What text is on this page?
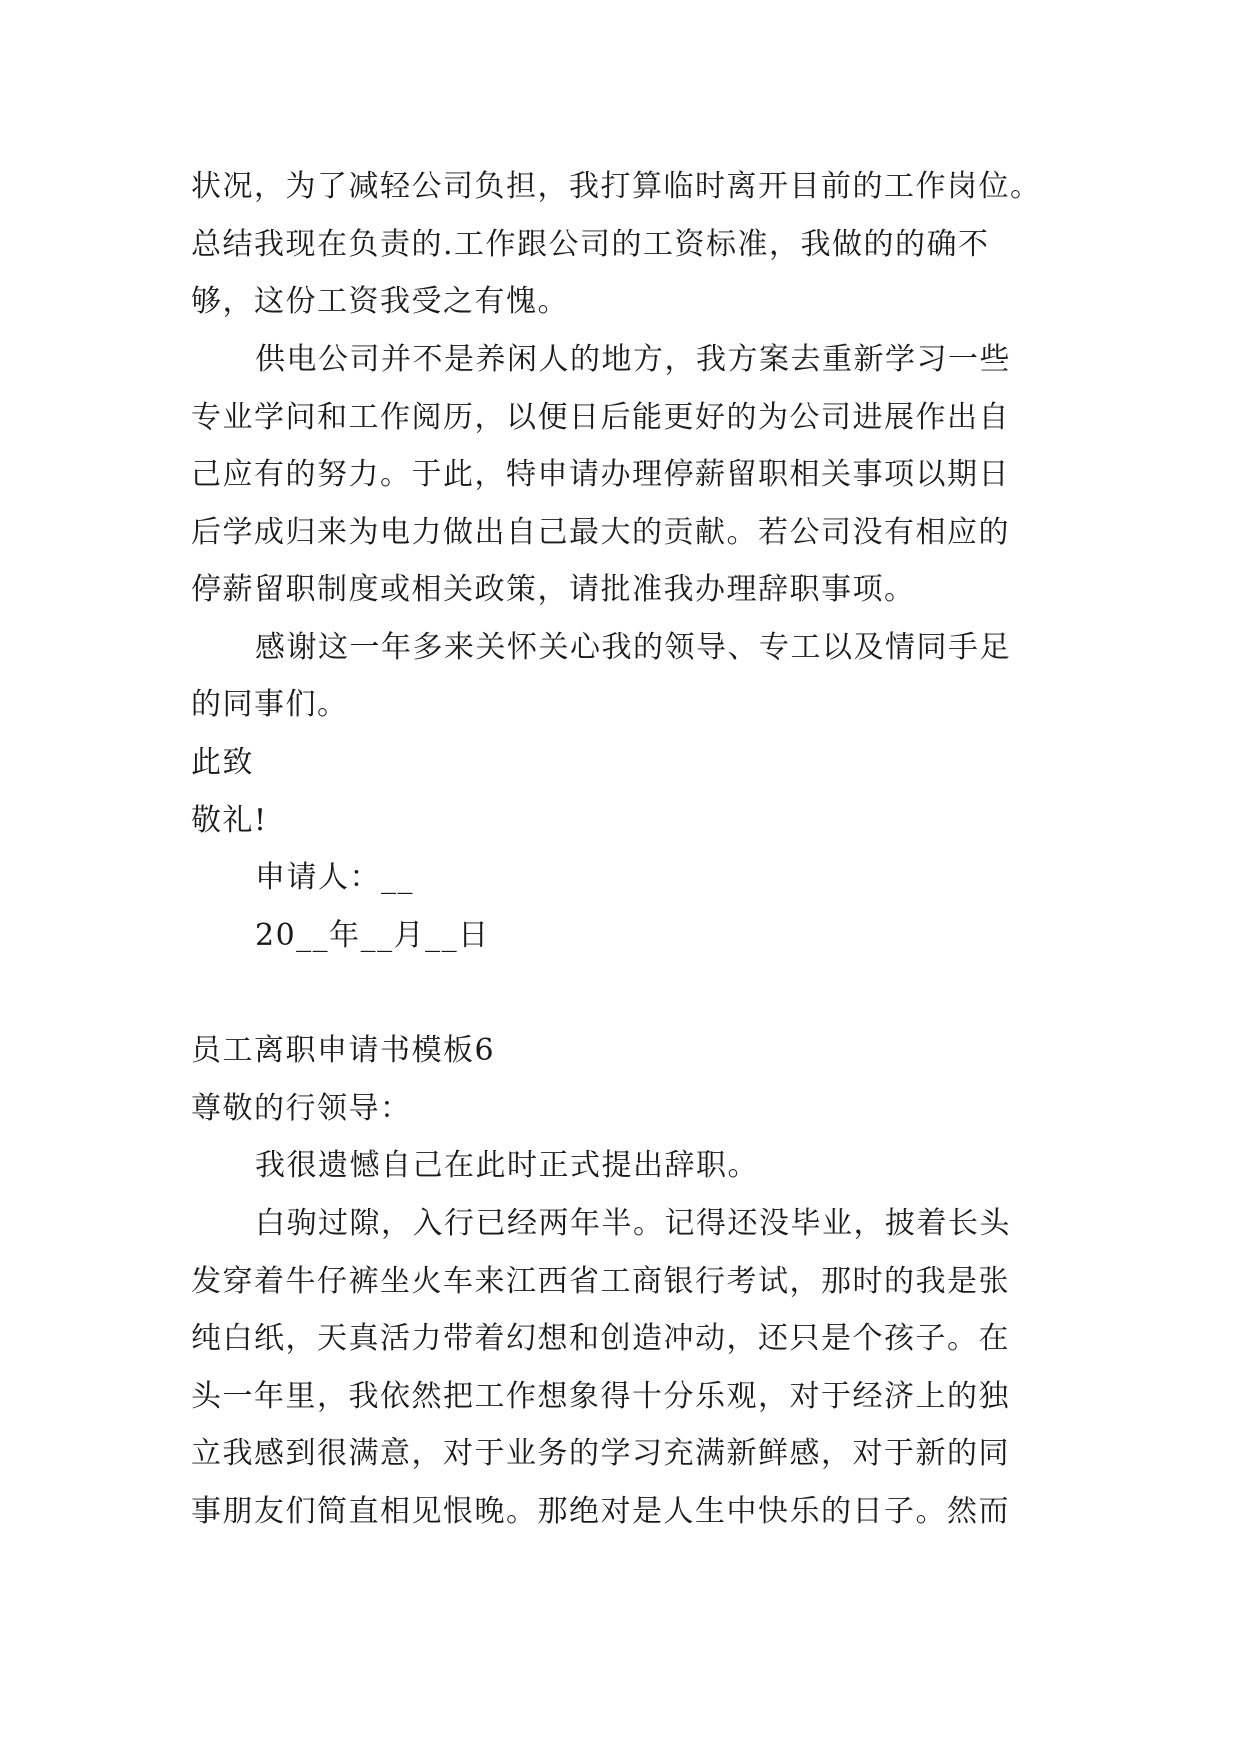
状况，为了减轻公司负担，我打算临时离开目前的工作岗位。
总结我现在负责的.工作跟公司的工资标准，我做的的确不
够，这份工资我受之有愧。
供电公司并不是养闲人的地方，我方案去重新学习一些
专业学问和工作阅历，以便日后能更好的为公司进展作出自
己应有的努力。于此，特申请办理停薪留职相关事项以期日
后学成归来为电力做出自己最大的贡献。若公司没有相应的
停薪留职制度或相关政策，请批准我办理辞职事项。
感谢这一年多来关怀关心我的领导、专工以及情同手足
的同事们。
此致
敬礼!
申请人：__
20__年__月__日
员工离职申请书模板6
尊敬的行领导：
我很遗憾自己在此时正式提出辞职。
白驹过隙，入行已经两年半。记得还没毕业，披着长头
发穿着牛仔裤坐火车来江西省工商银行考试，那时的我是张
纯白纸，天真活力带着幻想和创造冲动，还只是个孩子。在
头一年里，我依然把工作想象得十分乐观，对于经济上的独
立我感到很满意，对于业务的学习充满新鲜感，对于新的同
事朋友们简直相见恨晚。那绝对是人生中快乐的日子。然而
